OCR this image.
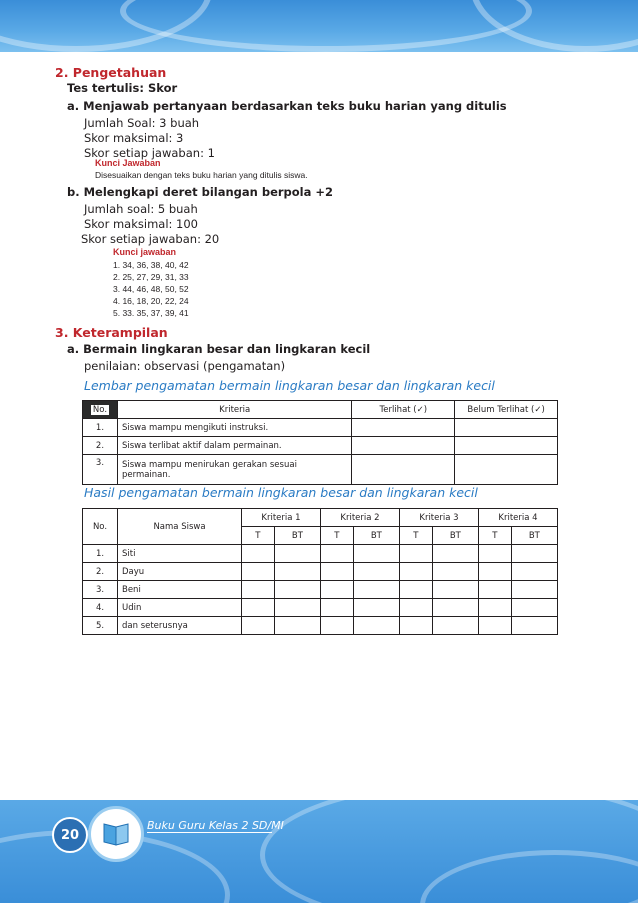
2. Pengetahuan
Tes tertulis: Skor
a. Menjawab pertanyaan berdasarkan teks buku harian yang ditulis
Jumlah Soal: 3 buah
Skor maksimal: 3
Skor setiap jawaban: 1
Kunci Jawaban
Disesuaikan dengan teks buku harian yang ditulis siswa.
b. Melengkapi deret bilangan berpola +2
Jumlah soal: 5 buah
Skor maksimal: 100
Skor setiap jawaban: 20
Kunci jawaban
1. 34, 36, 38, 40, 42
2. 25, 27, 29, 31, 33
3. 44, 46, 48, 50, 52
4. 16, 18, 20, 22, 24
5. 33. 35, 37, 39, 41
3. Keterampilan
a. Bermain lingkaran besar dan lingkaran kecil
penilaian: observasi (pengamatan)
Lembar pengamatan bermain lingkaran besar dan lingkaran kecil
No.	Kriteria	Terlihat (✓)	Belum Terlihat (✓)
1.	Siswa mampu mengikuti instruksi.		
2.	Siswa terlibat aktif dalam permainan.		
3.	Siswa mampu menirukan gerakan sesuai
permainan.		
Hasil pengamatan bermain lingkaran besar dan lingkaran kecil
No.	Nama Siswa	Kriteria 1		Kriteria 2		Kriteria 3		Kriteria 4	
		T	BT	T	BT	T	BT	T	BT
1.	Siti								
2.	Dayu								
3.	Beni								
4.	Udin								
5.	dan seterusnya								
20
Buku Guru Kelas 2 SD/MI
